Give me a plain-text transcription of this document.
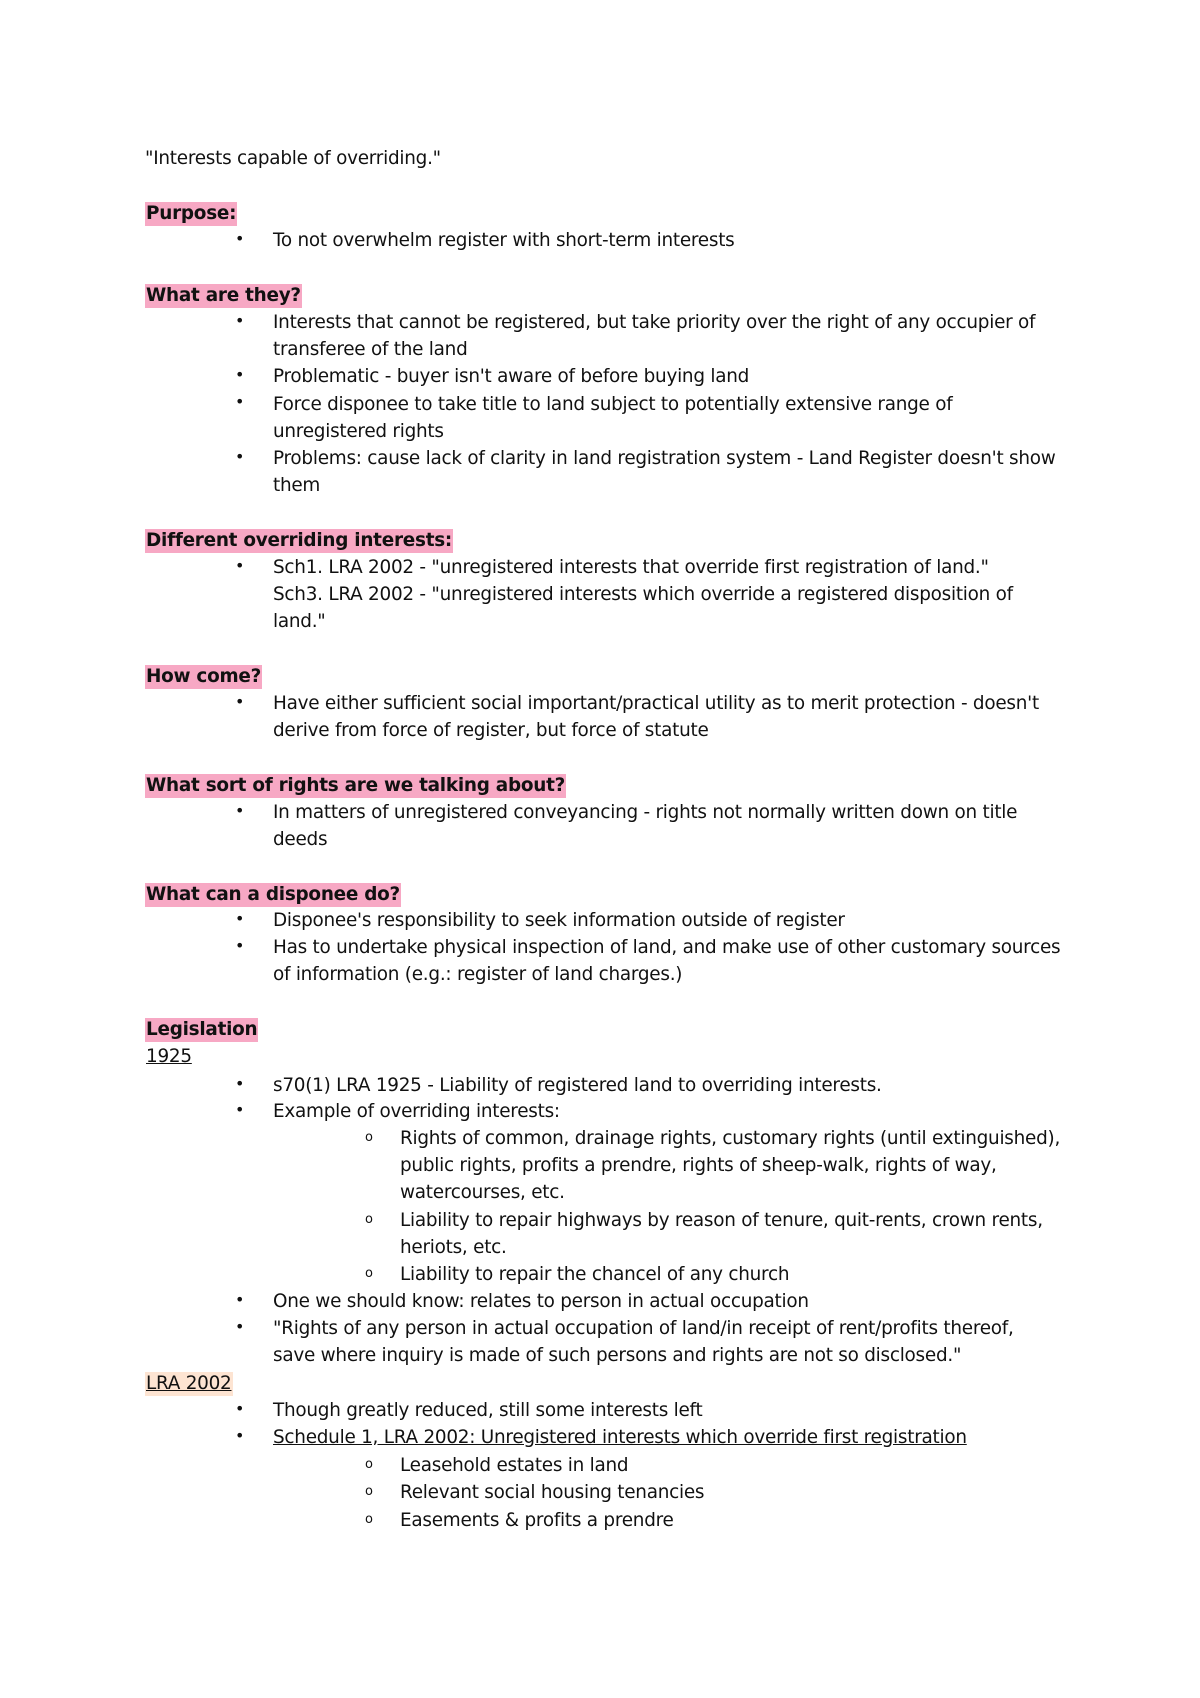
"Interests capable of overriding."
Purpose:
• To not overwhelm register with short-term interests
What are they?
• Interests that cannot be registered, but take priority over the right of any occupier of
transferee of the land
• Problematic - buyer isn't aware of before buying land
• Force disponee to take title to land subject to potentially extensive range of
unregistered rights
• Problems: cause lack of clarity in land registration system - Land Register doesn't show
them
Different overriding interests:
• Sch1. LRA 2002 - "unregistered interests that override first registration of land."
Sch3. LRA 2002 - "unregistered interests which override a registered disposition of
land."
How come?
• Have either sufficient social important/practical utility as to merit protection - doesn't
derive from force of register, but force of statute
What sort of rights are we talking about?
• In matters of unregistered conveyancing - rights not normally written down on title
deeds
What can a disponee do?
• Disponee's responsibility to seek information outside of register
• Has to undertake physical inspection of land, and make use of other customary sources
of information (e.g.: register of land charges.)
Legislation
1925
• s70(1) LRA 1925 - Liability of registered land to overriding interests.
• Example of overriding interests:
o Rights of common, drainage rights, customary rights (until extinguished),
public rights, profits a prendre, rights of sheep-walk, rights of way,
watercourses, etc.
o Liability to repair highways by reason of tenure, quit-rents, crown rents,
heriots, etc.
o Liability to repair the chancel of any church
• One we should know: relates to person in actual occupation
• "Rights of any person in actual occupation of land/in receipt of rent/profits thereof,
save where inquiry is made of such persons and rights are not so disclosed."
LRA 2002
• Though greatly reduced, still some interests left
• Schedule 1, LRA 2002: Unregistered interests which override first registration
o Leasehold estates in land
o Relevant social housing tenancies
o Easements & profits a prendre
